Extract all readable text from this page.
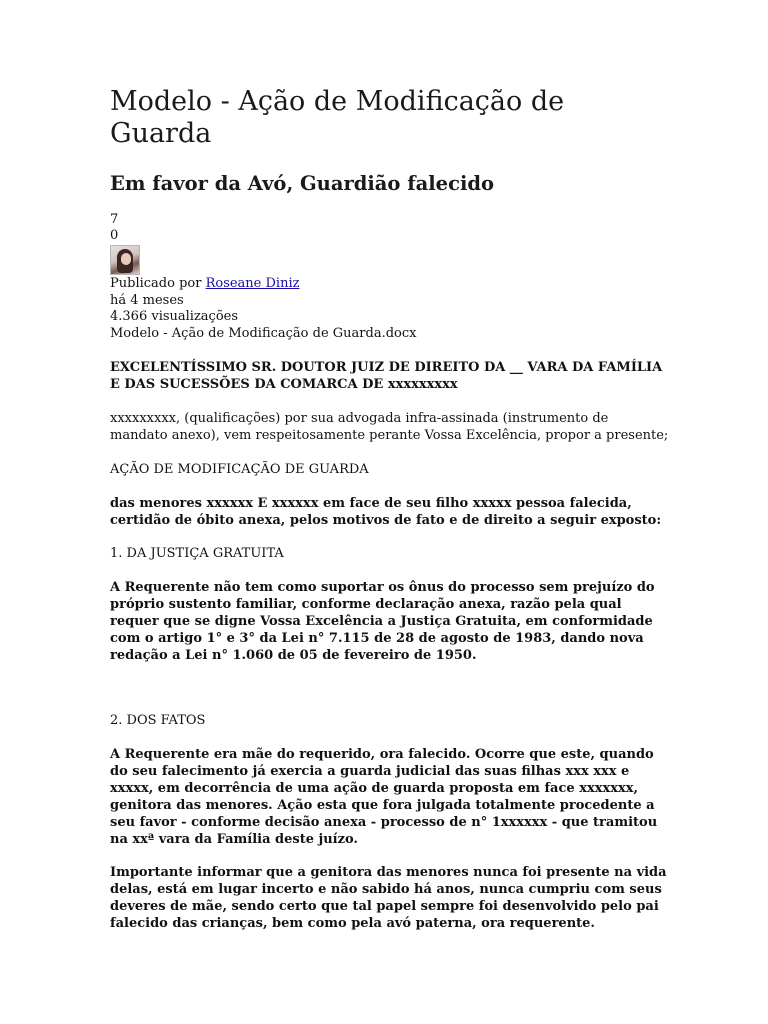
Modelo - Ação de Modificação de Guarda
Em favor da Avó, Guardião falecido
7
0
Publicado por Roseane Diniz
há 4 meses
4.366 visualizações
Modelo - Ação de Modificação de Guarda.docx

EXCELENTÍSSIMO SR. DOUTOR JUIZ DE DIREITO DA __ VARA DA FAMÍLIA E DAS SUCESSÕES DA COMARCA DE xxxxxxxxx

xxxxxxxxx, (qualificações) por sua advogada infra-assinada (instrumento de mandato anexo), vem respeitosamente perante Vossa Excelência, propor a presente;

AÇÃO DE MODIFICAÇÃO DE GUARDA

das menores xxxxxx E xxxxxx em face de seu filho xxxxx pessoa falecida, certidão de óbito anexa, pelos motivos de fato e de direito a seguir exposto:

1. DA JUSTIÇA GRATUITA

A Requerente não tem como suportar os ônus do processo sem prejuízo do próprio sustento familiar, conforme declaração anexa, razão pela qual requer que se digne Vossa Excelência a Justiça Gratuita, em conformidade com o artigo 1° e 3° da Lei n° 7.115 de 28 de agosto de 1983, dando nova redação a Lei n° 1.060 de 05 de fevereiro de 1950.

2. DOS FATOS

A Requerente era mãe do requerido, ora falecido. Ocorre que este, quando do seu falecimento já exercia a guarda judicial das suas filhas xxx xxx e xxxxx, em decorrência de uma ação de guarda proposta em face xxxxxxx, genitora das menores. Ação esta que fora julgada totalmente procedente a seu favor - conforme decisão anexa - processo de n° 1xxxxxx - que tramitou na xxª vara da Família deste juízo.

Importante informar que a genitora das menores nunca foi presente na vida delas, está em lugar incerto e não sabido há anos, nunca cumpriu com seus deveres de mãe, sendo certo que tal papel sempre foi desenvolvido pelo pai falecido das crianças, bem como pela avó paterna, ora requerente.
